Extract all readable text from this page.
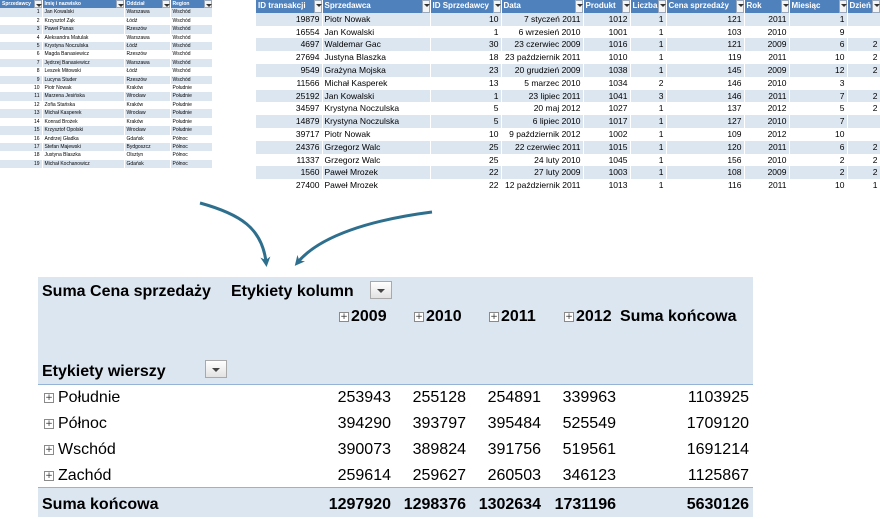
Sprzedawcy	Imię i nazwisko	Oddział	Region

1	Jan Kowalski	Warszawa	Wschód
2	Krzysztof Ząk	Łódź	Wschód
3	Paweł Panas	Rzeszów	Wschód
4	Aleksandra Matulak	Warszawa	Wschód
5	Krystyna Noczulska	Łódź	Wschód
6	Magda Banasiewicz	Rzeszów	Wschód
7	Jędrzej Banasiewicz	Warszawa	Wschód
8	Leszek Mitowski	Łódź	Wschód
9	Lucyna Studer	Rzeszów	Wschód
10	Piotr Nowak	Kraków	Południe
11	Marzena Jesińska	Wrocław	Południe
12	Zofia Stańska	Kraków	Południe
13	Michał Kasperek	Wrocław	Południe
14	Konrad Brożek	Kraków	Południe
15	Krzysztof Opolski	Wrocław	Południe
16	Andrzej Gładka	Gdańsk	Północ
17	Stefan Majewski	Bydgoszcz	Północ
18	Justyna Blaszka	Olsztyn	Północ
19	Michał Kochanowicz	Gdańsk	Północ
ID transakcji	Sprzedawca	ID Sprzedawcy	Data	Produkt	Liczba	Cena sprzedaży	Rok	Miesiąc	Dzień

19879	Piotr Nowak	10	7 styczeń 2011	1012	1	121	2011	1	
16554	Jan Kowalski	1	6 wrzesień 2010	1001	1	103	2010	9	
4697	Waldemar Gac	30	23 czerwiec 2009	1016	1	121	2009	6	2
27694	Justyna Blaszka	18	23 październik 2011	1010	1	119	2011	10	2
9549	Grażyna Mojska	23	20 grudzień 2009	1038	1	145	2009	12	2
11566	Michał Kasperek	13	5 marzec 2010	1034	2	146	2010	3	
25192	Jan Kowalski	1	23 lipiec 2011	1041	3	146	2011	7	2
34597	Krystyna Noczulska	5	20 maj 2012	1027	1	137	2012	5	2
14879	Krystyna Noczulska	5	6 lipiec 2010	1017	1	127	2010	7	
39717	Piotr Nowak	10	9 październik 2012	1002	1	109	2012	10	
24376	Grzegorz Walc	25	22 czerwiec 2011	1015	1	120	2011	6	2
11337	Grzegorz Walc	25	24 luty 2010	1045	1	156	2010	2	2
1560	Paweł Mrozek	22	27 luty 2009	1003	1	108	2009	2	2
27400	Paweł Mrozek	22	12 październik 2011	1013	1	116	2011	10	1
Suma Cena sprzedaży Etykiety kolumn
+ 2009	+ 2010	+ 2011	+ 2012 Suma końcowa
Etykiety wierszy
+ Południe	253943	255128	254891	339963	1103925
+ Północ	394290	393797	395484	525549	1709120
+ Wschód	390073	389824	391756	519561	1691214
+ Zachód	259614	259627	260503	346123	1125867
Suma końcowa	1297920 1298376 1302634 1731196	5630126
